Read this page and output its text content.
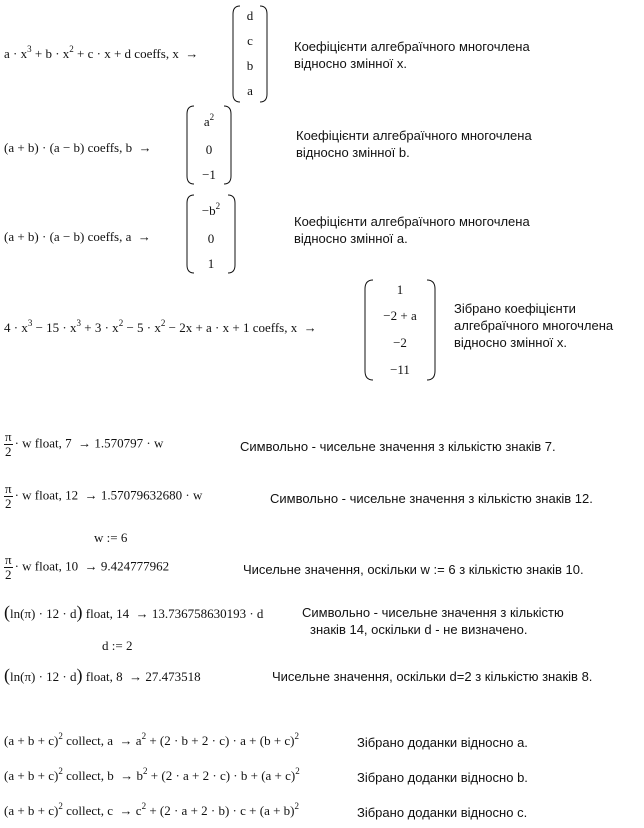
$a \cdot x^3 + b \cdot x^2 + c \cdot x + d$ coeffs, x  →
d
c
b
a
Коефіцієнти алгебраїчного многочлена
відносно змінної x.
(a + b) · (a − b) coeffs, b  →
$a^2$
0
−1
Коефіцієнти алгебраїчного многочлена
відносно змінної b.
(a + b) · (a − b) coeffs, a  →
$-b^2$
0
1
Коефіцієнти алгебраїчного многочлена
відносно змінної a.
$4 \cdot x^3 - 15 \cdot x^3 + 3 \cdot x^2 - 5 \cdot x^2 - 2x + a \cdot x + 1$ coeffs, x  →
1
−2 + a
−2
−11
Зібрано коефіцієнти
алгебраїчного многочлена
відносно змінної x.
$\frac{\pi}{2} \cdot w$ float, 7  → 1.570797 · w	Символьно - чисельне значення з кількістю знаків 7.
$\frac{\pi}{2} \cdot w$ float, 12  → 1.57079632680 · w	Символьно - чисельне значення з кількістю знаків 12.
w := 6
$\frac{\pi}{2} \cdot w$ float, 10  → 9.424777962	Чисельне значення, оскільки w := 6 з кількістю знаків 10.
(ln(π) · 12 · d) float, 14  → 13.736758630193 · d	Символьно - чисельне значення з кількістю
знаків 14, оскільки d - не визначено.
d := 2
(ln(π) · 12 · d) float, 8  → 27.473518	Чисельне значення, оскільки d=2 з кількістю знаків 8.
$(a + b + c)^2$ collect, $a \to a^2 + (2 \cdot b + 2 \cdot c) \cdot a + (b + c)^2$	Зібрано доданки відносно a.
$(a + b + c)^2$ collect, $b \to b^2 + (2 \cdot a + 2 \cdot c) \cdot b + (a + c)^2$	Зібрано доданки відносно b.
$(a + b + c)^2$ collect, $c \to c^2 + (2 \cdot a + 2 \cdot b) \cdot c + (a + b)^2$	Зібрано доданки відносно c.
